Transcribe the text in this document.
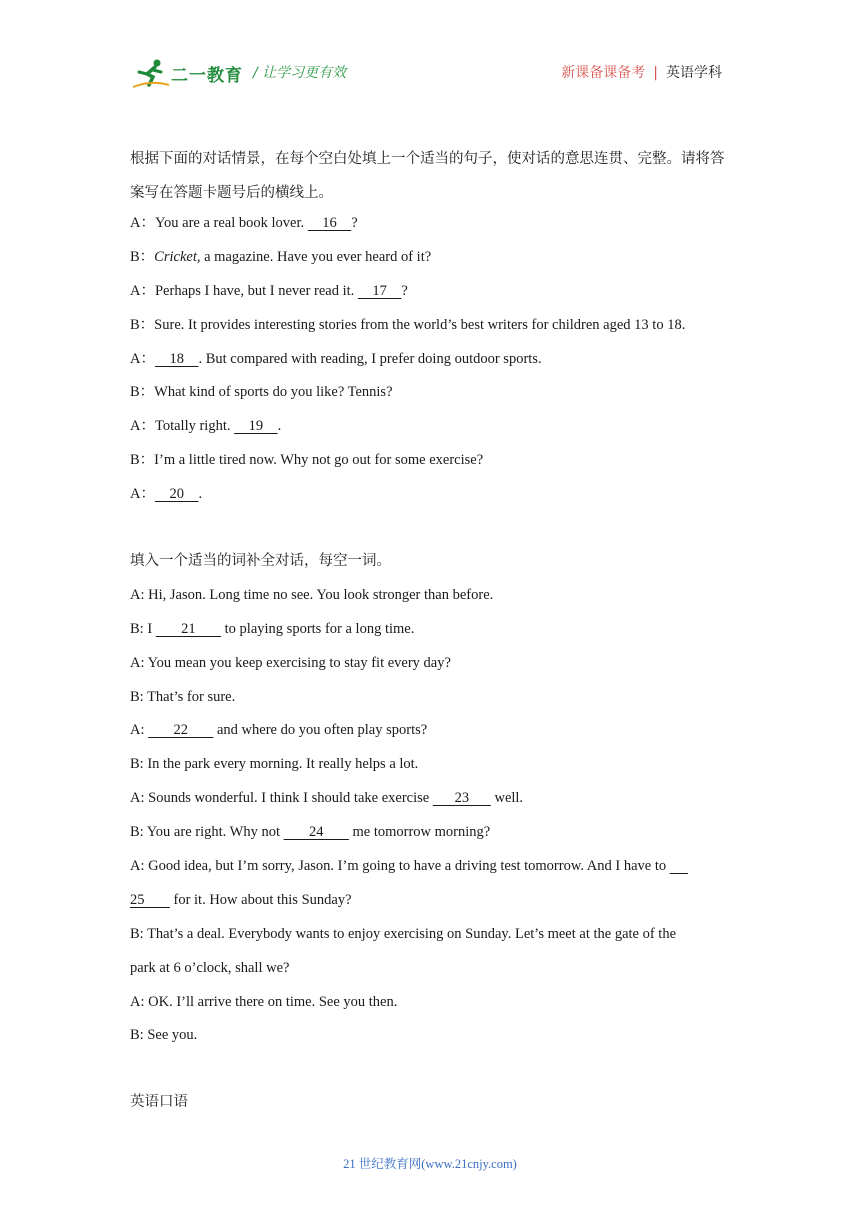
二一教育 / 让学习更有效	新课备课备考 | 英语学科
根据下面的对话情景，在每个空白处填上一个适当的句子，使对话的意思连贯、完整。请将答案写在答题卡题号后的横线上。
A：You are a real book lover.     16    ?
B：Cricket, a magazine. Have you ever heard of it?
A：Perhaps I have, but I never read it.     17    ?
B：Sure. It provides interesting stories from the world’s best writers for children aged 13 to 18.
A：    18    . But compared with reading, I prefer doing outdoor sports.
B：What kind of sports do you like? Tennis?
A：Totally right.     19    .
B：I’m a little tired now. Why not go out for some exercise?
A：    20    .
填入一个适当的词补全对话，每空一词。
A: Hi, Jason. Long time no see. You look stronger than before.
B: I        21        to playing sports for a long time.
A: You mean you keep exercising to stay fit every day?
B: That’s for sure.
A:        22        and where do you often play sports?
B: In the park every morning. It really helps a lot.
A: Sounds wonderful. I think I should take exercise       23       well.
B: You are right. Why not        24        me tomorrow morning?
A: Good idea, but I’m sorry, Jason. I’m going to have a driving test tomorrow. And I have to
25        for it. How about this Sunday?
B: That’s a deal. Everybody wants to enjoy exercising on Sunday. Let’s meet at the gate of the
park at 6 o’clock, shall we?
A: OK. I’ll arrive there on time. See you then.
B: See you.
英语口语
21 世纪教育网(www.21cnjy.com)
